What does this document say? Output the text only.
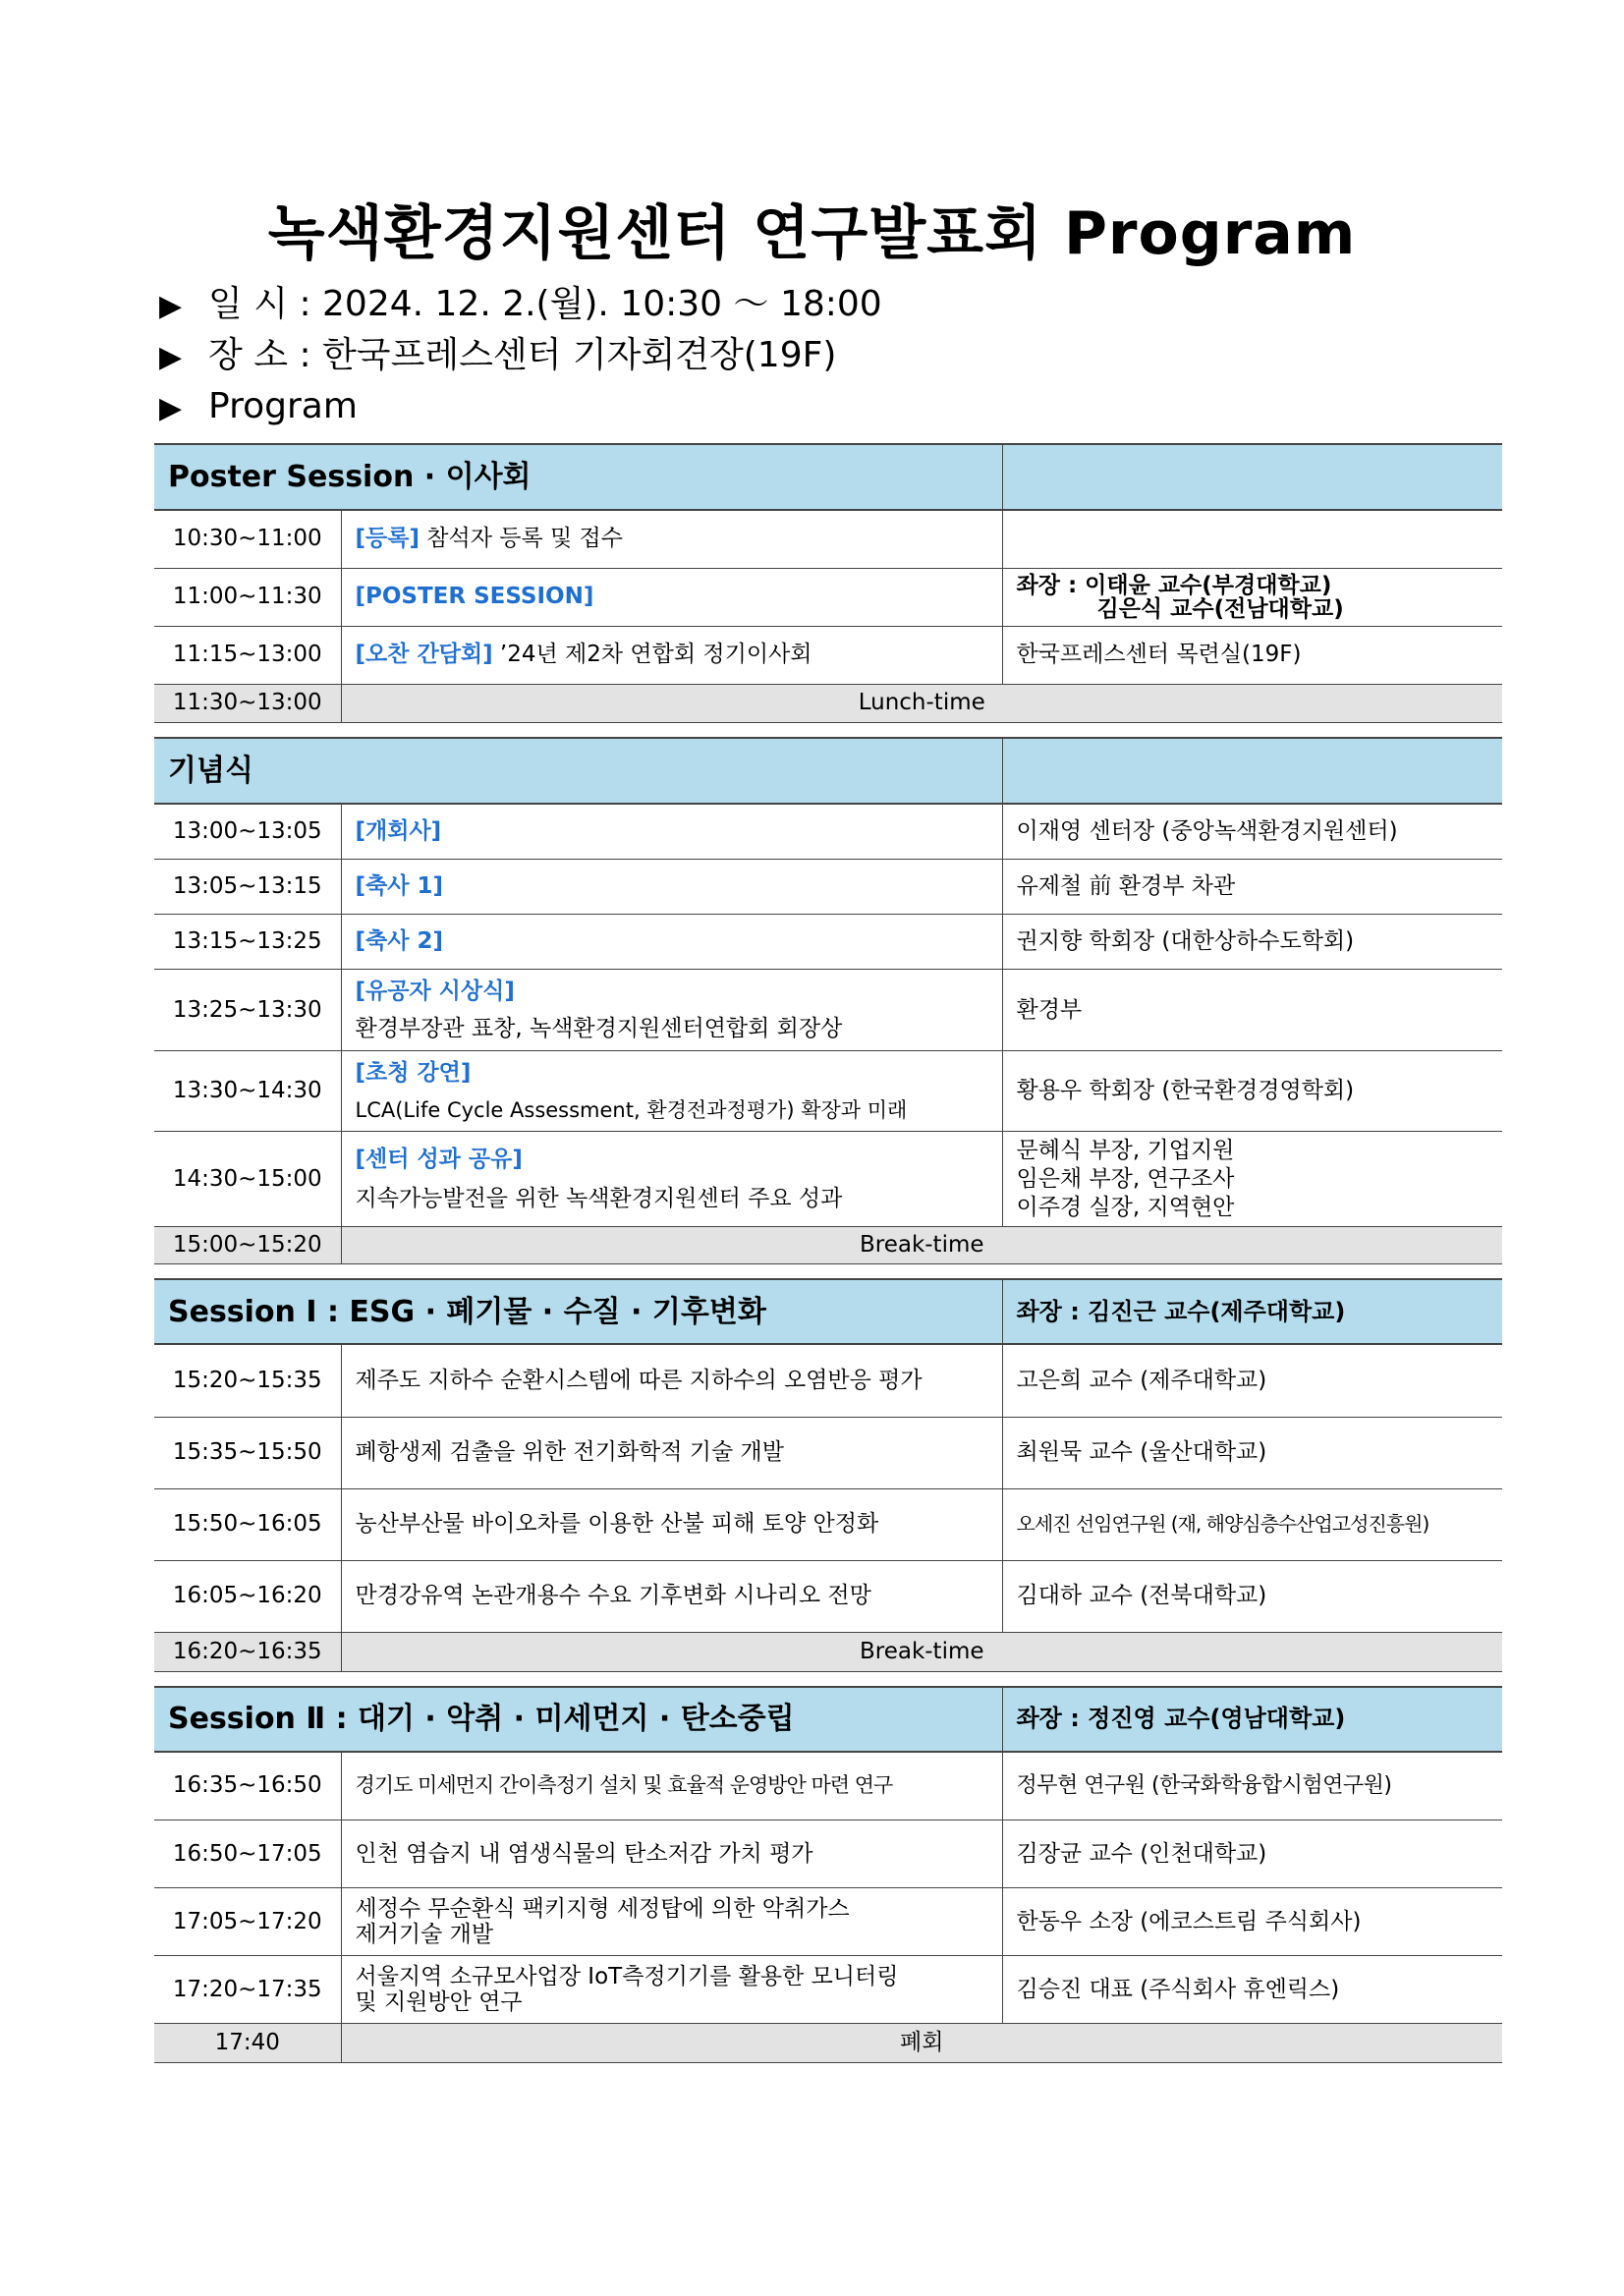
녹색환경지원센터 연구발표회 Program
▶ 일 시 : 2024. 12. 2.(월). 10:30 ～ 18:00
▶ 장 소 : 한국프레스센터 기자회견장(19F)
▶ Program
Poster Session · 이사회		
10:30~11:00	[등록] 참석자 등록 및 접수	
11:00~11:30	[POSTER SESSION]	좌장 : 이태윤 교수(부경대학교)
김은식 교수(전남대학교)

11:15~13:00	[오찬 간담회] ’24년 제2차 연합회 정기이사회	한국프레스센터 목련실(19F)
11:30~13:00	Lunch-time	

기념식		
13:00~13:05	[개회사]	이재영 센터장 (중앙녹색환경지원센터)
13:05~13:15	[축사 1]	유제철 前 환경부 차관
13:15~13:25	[축사 2]	권지향 학회장 (대한상하수도학회)
13:25~13:30	[유공자 시상식]
환경부장관 표창, 녹색환경지원센터연합회 회장상	환경부
13:30~14:30	[초청 강연]
LCA(Life Cycle Assessment, 환경전과정평가) 확장과 미래	황용우 학회장 (한국환경경영학회)
14:30~15:00	[센터 성과 공유]
지속가능발전을 위한 녹색환경지원센터 주요 성과	문혜식 부장, 기업지원
임은채 부장, 연구조사
이주경 실장, 지역현안

15:00~15:20	Break-time	

Session Ⅰ : ESG · 폐기물 · 수질 · 기후변화		좌장 : 김진근 교수(제주대학교)
15:20~15:35	제주도 지하수 순환시스템에 따른 지하수의 오염반응 평가	고은희 교수 (제주대학교)
15:35~15:50	폐항생제 검출을 위한 전기화학적 기술 개발	최원묵 교수 (울산대학교)
15:50~16:05	농산부산물 바이오차를 이용한 산불 피해 토양 안정화	오세진 선임연구원 (재, 해양심층수산업고성진흥원)
16:05~16:20	만경강유역 논관개용수 수요 기후변화 시나리오 전망	김대하 교수 (전북대학교)
16:20~16:35	Break-time	

Session Ⅱ : 대기 · 악취 · 미세먼지 · 탄소중립		좌장 : 정진영 교수(영남대학교)
16:35~16:50	경기도 미세먼지 간이측정기 설치 및 효율적 운영방안 마련 연구	정무현 연구원 (한국화학융합시험연구원)
16:50~17:05	인천 염습지 내 염생식물의 탄소저감 가치 평가	김장균 교수 (인천대학교)
17:05~17:20	세정수 무순환식 팩키지형 세정탑에 의한 악취가스
제거기술 개발	한동우 소장 (에코스트림 주식회사)
17:20~17:35	서울지역 소규모사업장 IoT측정기기를 활용한 모니터링
및 지원방안 연구	김승진 대표 (주식회사 휴엔릭스)
17:40	폐회	
